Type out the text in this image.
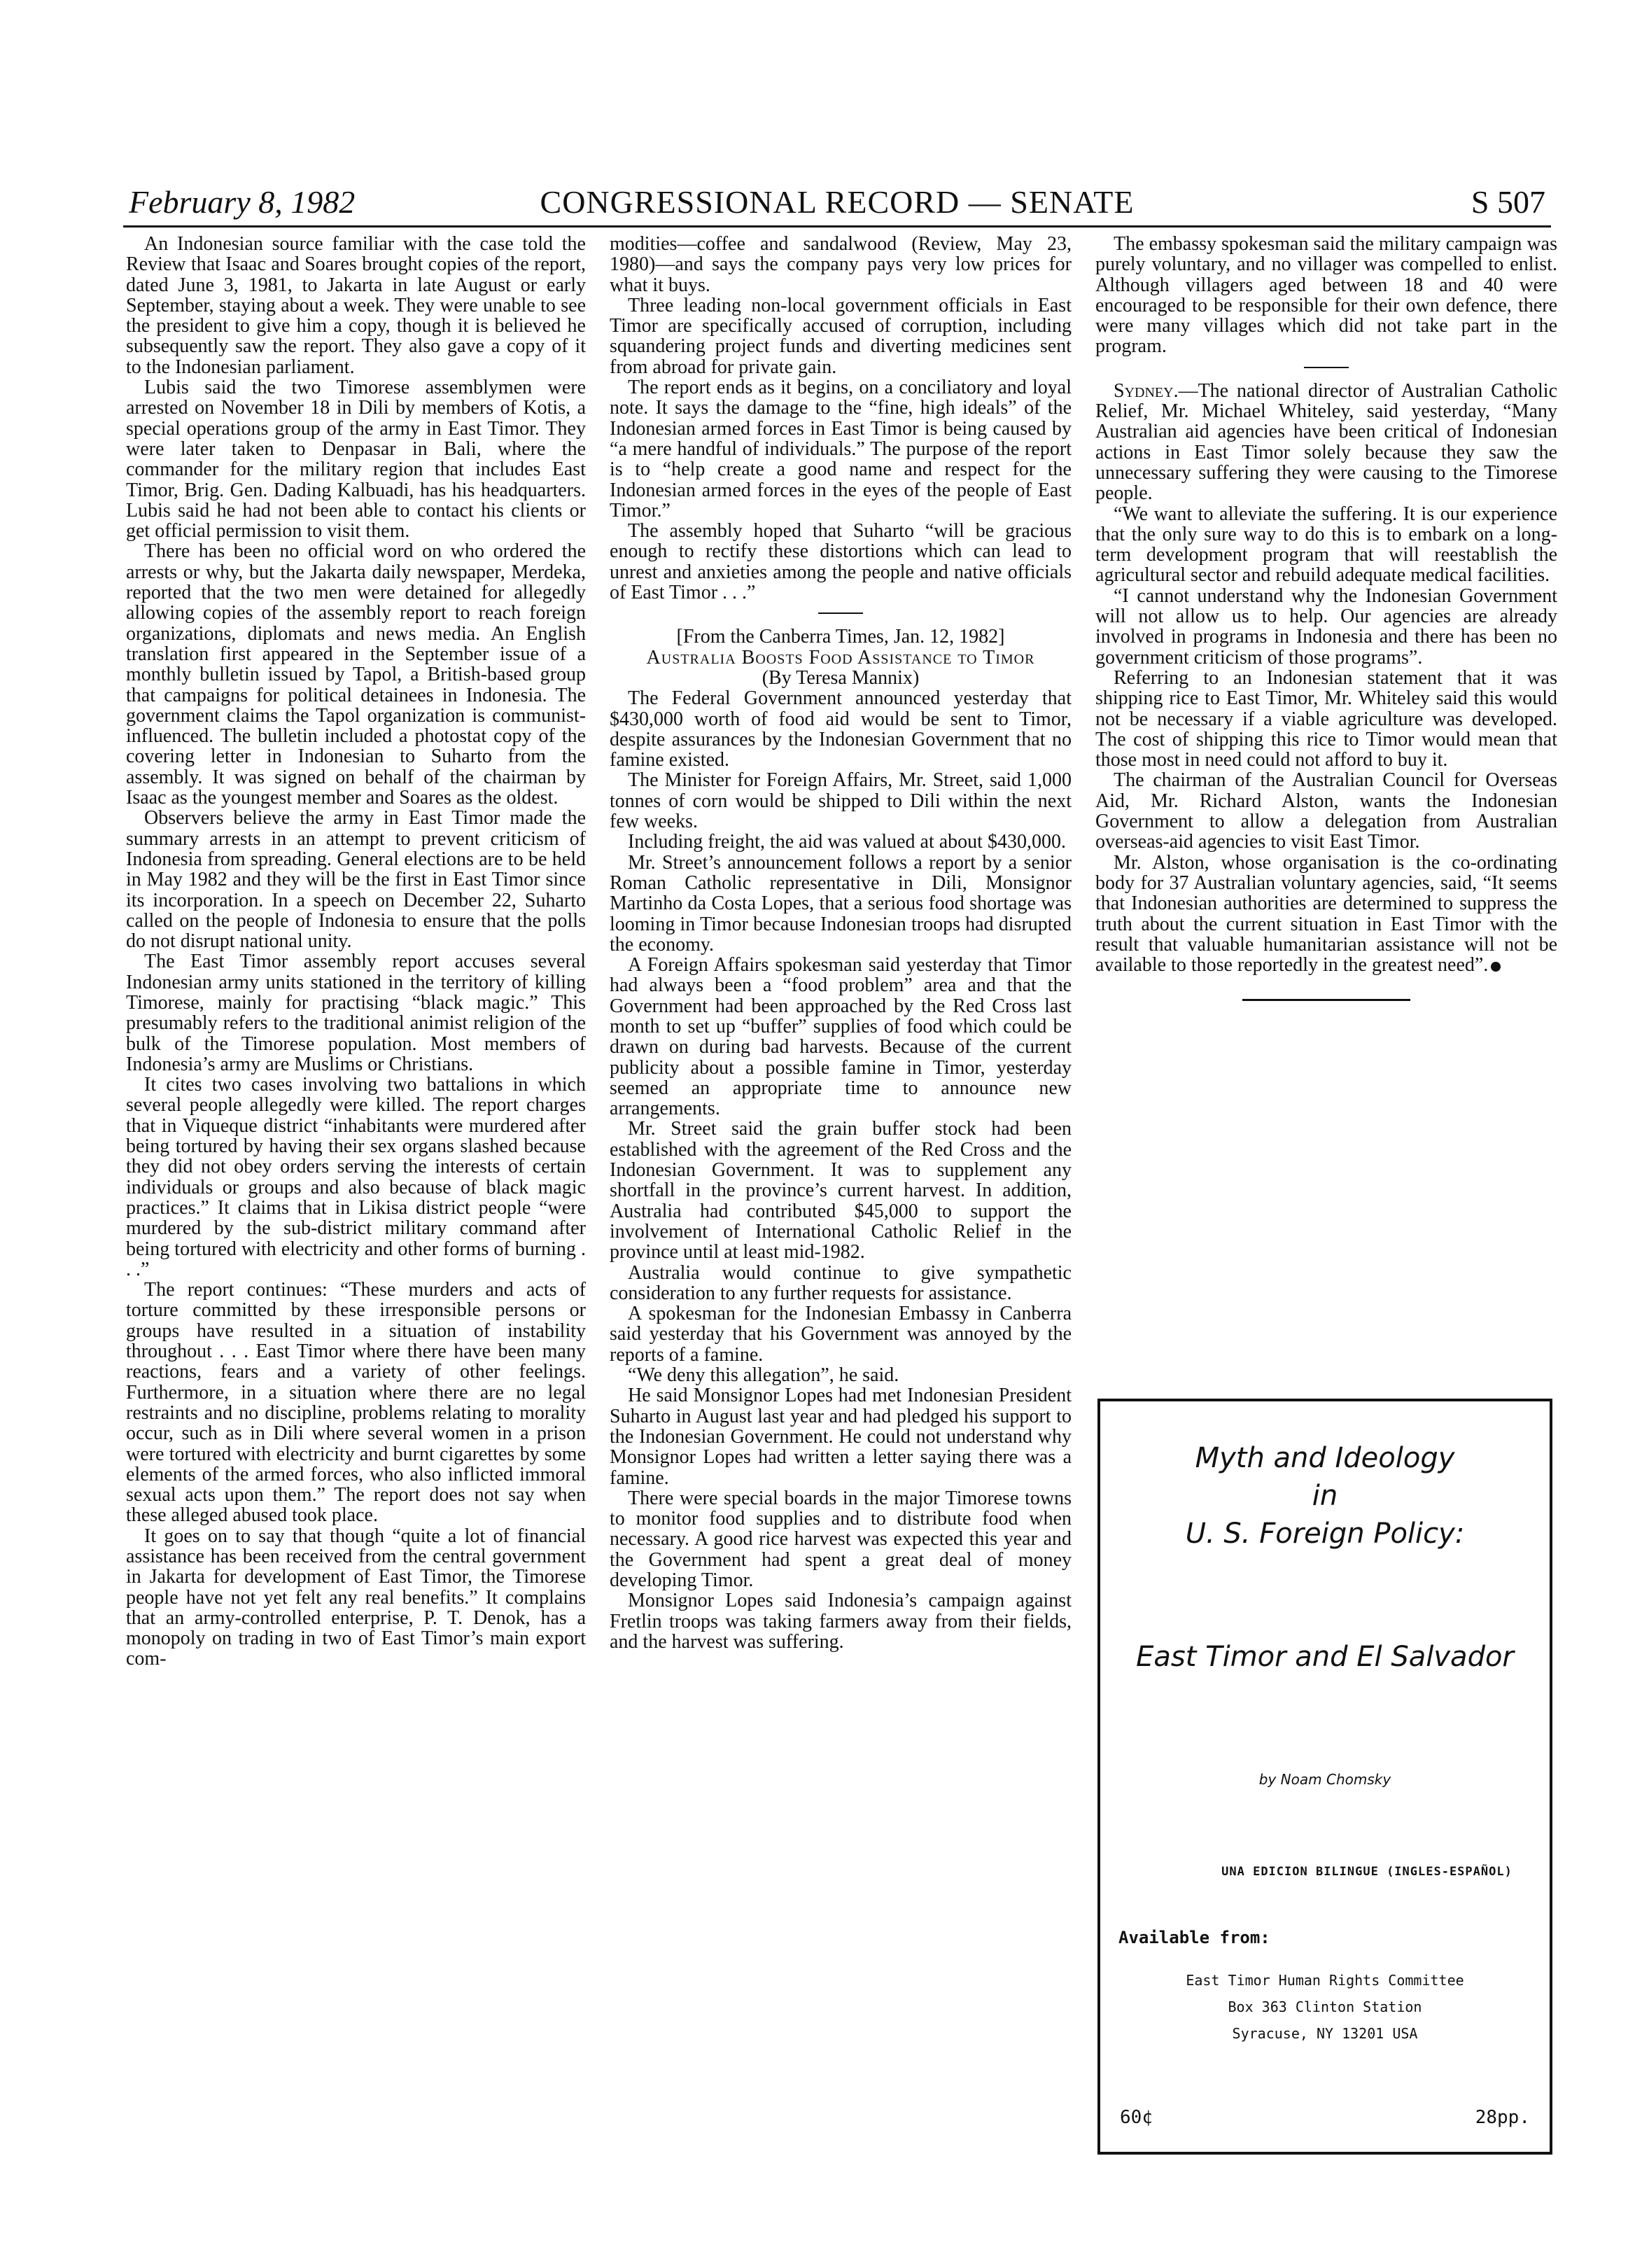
February 8, 1982	CONGRESSIONAL RECORD — SENATE	S 507

An Indonesian source familiar with the case told the Review that Isaac and Soares brought copies of the report, dated June 3, 1981, to Jakarta in late August or early September, staying about a week. They were unable to see the president to give him a copy, though it is believed he subsequently saw the report. They also gave a copy of it to the Indonesian parliament.

Lubis said the two Timorese assemblymen were arrested on November 18 in Dili by members of Kotis, a special operations group of the army in East Timor. They were later taken to Denpasar in Bali, where the commander for the military region that includes East Timor, Brig. Gen. Dading Kalbuadi, has his headquarters. Lubis said he had not been able to contact his clients or get official permission to visit them.

There has been no official word on who ordered the arrests or why, but the Jakarta daily newspaper, Merdeka, reported that the two men were detained for allegedly allowing copies of the assembly report to reach foreign organizations, diplomats and news media. An English translation first appeared in the September issue of a monthly bulletin issued by Tapol, a British-based group that campaigns for political detainees in Indonesia. The government claims the Tapol organization is communist-influenced. The bulletin included a photostat copy of the covering letter in Indonesian to Suharto from the assembly. It was signed on behalf of the chairman by Isaac as the youngest member and Soares as the oldest.

Observers believe the army in East Timor made the summary arrests in an attempt to prevent criticism of Indonesia from spreading. General elections are to be held in May 1982 and they will be the first in East Timor since its incorporation. In a speech on December 22, Suharto called on the people of Indonesia to ensure that the polls do not disrupt national unity.

The East Timor assembly report accuses several Indonesian army units stationed in the territory of killing Timorese, mainly for practising “black magic.” This presumably refers to the traditional animist religion of the bulk of the Timorese population. Most members of Indonesia’s army are Muslims or Christians.

It cites two cases involving two battalions in which several people allegedly were killed. The report charges that in Viqueque district “inhabitants were murdered after being tortured by having their sex organs slashed because they did not obey orders serving the interests of certain individuals or groups and also because of black magic practices.” It claims that in Likisa district people “were murdered by the sub-district military command after being tortured with electricity and other forms of burning . . .”

The report continues: “These murders and acts of torture committed by these irresponsible persons or groups have resulted in a situation of instability throughout . . . East Timor where there have been many reactions, fears and a variety of other feelings. Furthermore, in a situation where there are no legal restraints and no discipline, problems relating to morality occur, such as in Dili where several women in a prison were tortured with electricity and burnt cigarettes by some elements of the armed forces, who also inflicted immoral sexual acts upon them.” The report does not say when these alleged abused took place.

It goes on to say that though “quite a lot of financial assistance has been received from the central government in Jakarta for development of East Timor, the Timorese people have not yet felt any real benefits.” It complains that an army-controlled enterprise, P. T. Denok, has a monopoly on trading in two of East Timor’s main export com-

modities—coffee and sandalwood (Review, May 23, 1980)—and says the company pays very low prices for what it buys.

Three leading non-local government officials in East Timor are specifically accused of corruption, including squandering project funds and diverting medicines sent from abroad for private gain.

The report ends as it begins, on a conciliatory and loyal note. It says the damage to the “fine, high ideals” of the Indonesian armed forces in East Timor is being caused by “a mere handful of individuals.” The purpose of the report is to “help create a good name and respect for the Indonesian armed forces in the eyes of the people of East Timor.”

The assembly hoped that Suharto “will be gracious enough to rectify these distortions which can lead to unrest and anxieties among the people and native officials of East Timor . . .”

[From the Canberra Times, Jan. 12, 1982]

Australia Boosts Food Assistance to Timor

(By Teresa Mannix)

The Federal Government announced yesterday that $430,000 worth of food aid would be sent to Timor, despite assurances by the Indonesian Government that no famine existed.

The Minister for Foreign Affairs, Mr. Street, said 1,000 tonnes of corn would be shipped to Dili within the next few weeks.

Including freight, the aid was valued at about $430,000.

Mr. Street’s announcement follows a report by a senior Roman Catholic representative in Dili, Monsignor Martinho da Costa Lopes, that a serious food shortage was looming in Timor because Indonesian troops had disrupted the economy.

A Foreign Affairs spokesman said yesterday that Timor had always been a “food problem” area and that the Government had been approached by the Red Cross last month to set up “buffer” supplies of food which could be drawn on during bad harvests. Because of the current publicity about a possible famine in Timor, yesterday seemed an appropriate time to announce new arrangements.

Mr. Street said the grain buffer stock had been established with the agreement of the Red Cross and the Indonesian Government. It was to supplement any shortfall in the province’s current harvest. In addition, Australia had contributed $45,000 to support the involvement of International Catholic Relief in the province until at least mid-1982.

Australia would continue to give sympathetic consideration to any further requests for assistance.

A spokesman for the Indonesian Embassy in Canberra said yesterday that his Government was annoyed by the reports of a famine.

“We deny this allegation”, he said.

He said Monsignor Lopes had met Indonesian President Suharto in August last year and had pledged his support to the Indonesian Government. He could not understand why Monsignor Lopes had written a letter saying there was a famine.

There were special boards in the major Timorese towns to monitor food supplies and to distribute food when necessary. A good rice harvest was expected this year and the Government had spent a great deal of money developing Timor.

Monsignor Lopes said Indonesia’s campaign against Fretlin troops was taking farmers away from their fields, and the harvest was suffering.

The embassy spokesman said the military campaign was purely voluntary, and no villager was compelled to enlist. Although villagers aged between 18 and 40 were encouraged to be responsible for their own defence, there were many villages which did not take part in the program.

Sydney.—The national director of Australian Catholic Relief, Mr. Michael Whiteley, said yesterday, “Many Australian aid agencies have been critical of Indonesian actions in East Timor solely because they saw the unnecessary suffering they were causing to the Timorese people.

“We want to alleviate the suffering. It is our experience that the only sure way to do this is to embark on a long-term development program that will reestablish the agricultural sector and rebuild adequate medical facilities.

“I cannot understand why the Indonesian Government will not allow us to help. Our agencies are already involved in programs in Indonesia and there has been no government criticism of those programs”.

Referring to an Indonesian statement that it was shipping rice to East Timor, Mr. Whiteley said this would not be necessary if a viable agriculture was developed. The cost of shipping this rice to Timor would mean that those most in need could not afford to buy it.

The chairman of the Australian Council for Overseas Aid, Mr. Richard Alston, wants the Indonesian Government to allow a delegation from Australian overseas-aid agencies to visit East Timor.

Mr. Alston, whose organisation is the co-ordinating body for 37 Australian voluntary agencies, said, “It seems that Indonesian authorities are determined to suppress the truth about the current situation in East Timor with the result that valuable humanitarian assistance will not be available to those reportedly in the greatest need”.

Myth and Ideology
in
U. S. Foreign Policy:
East Timor and El Salvador
by Noam Chomsky
UNA EDICION BILINGUE (INGLES-ESPAÑOL)
Available from:
East Timor Human Rights Committee
Box 363 Clinton Station
Syracuse, NY 13201 USA
60¢	28pp.
